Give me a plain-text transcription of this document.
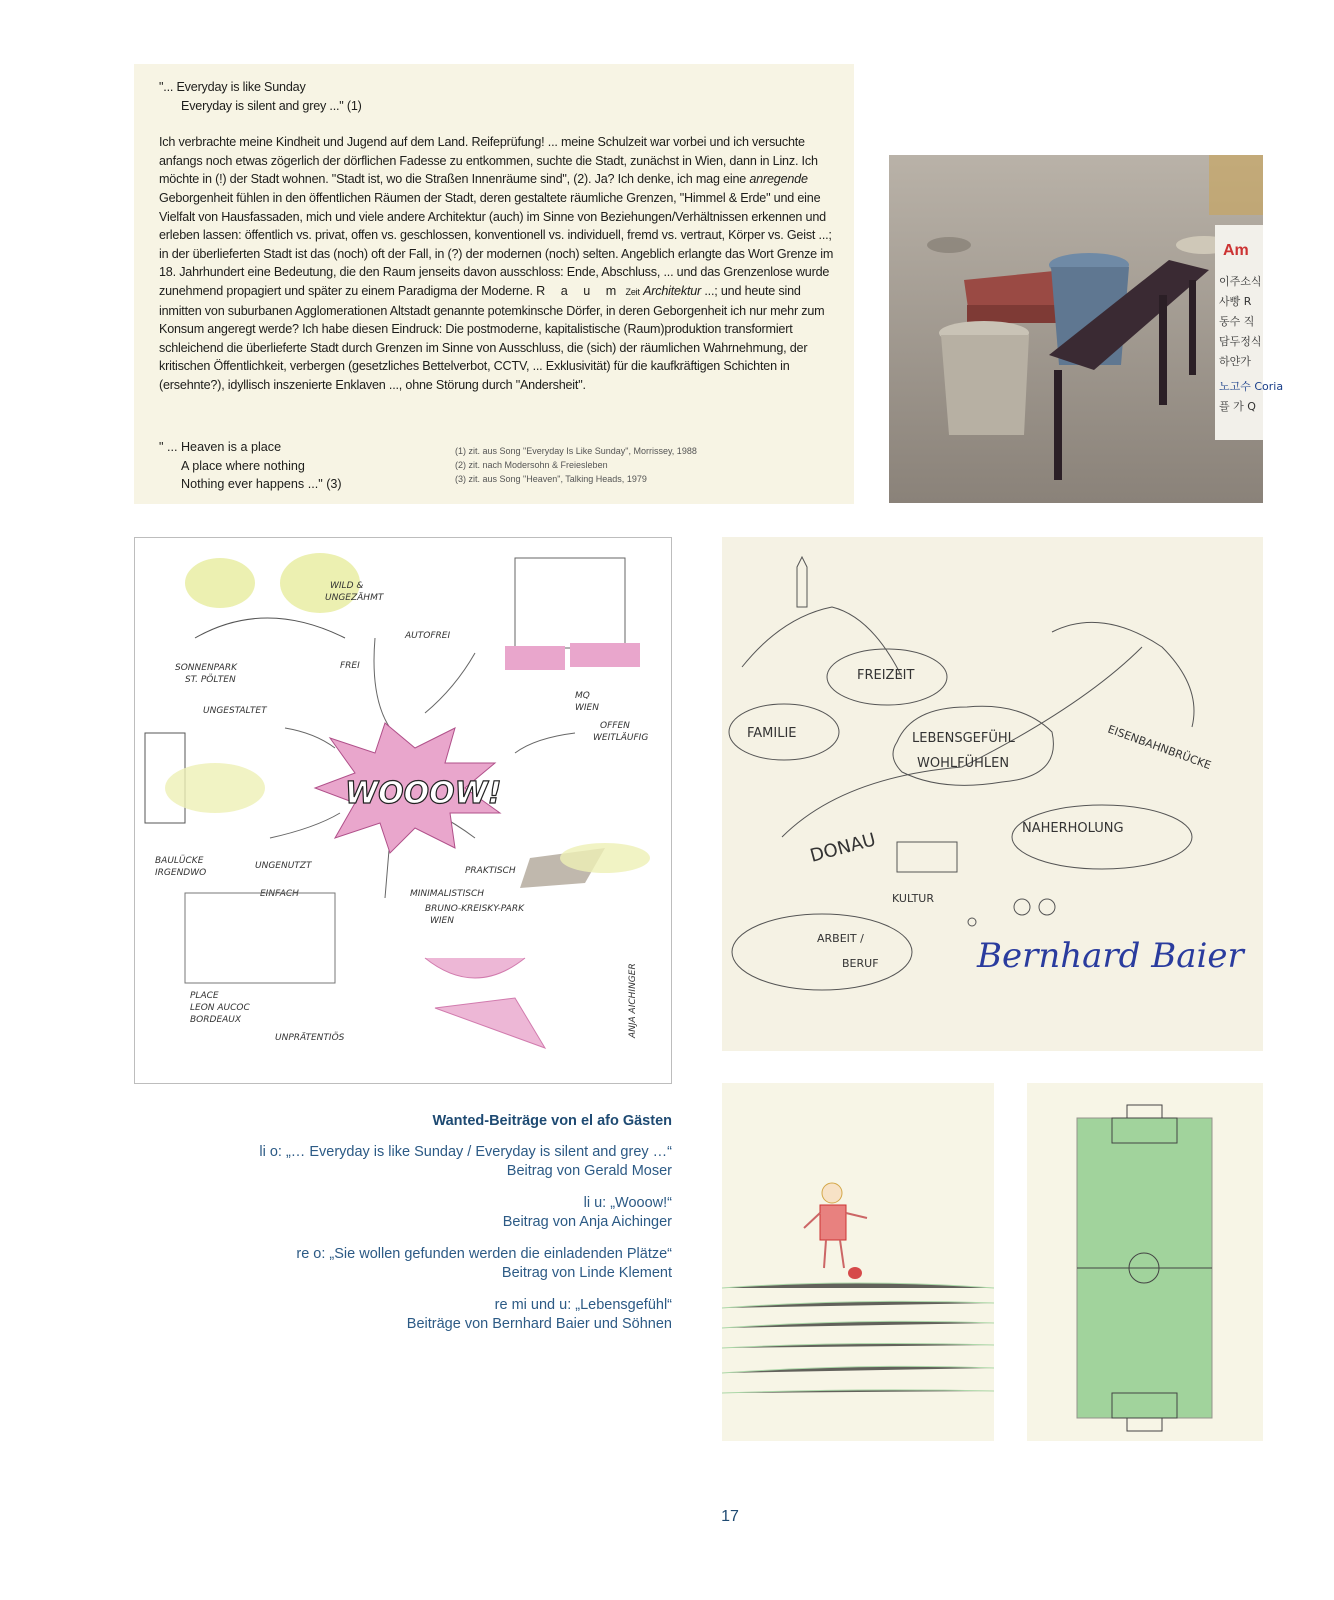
"... Everyday is like Sunday

Everyday is silent and grey ..." (1)

Ich verbrachte meine Kindheit und Jugend auf dem Land. Reifeprüfung! ... meine Schulzeit war vorbei und ich versuchte anfangs noch etwas zögerlich der dörflichen Fadesse zu entkommen, suchte die Stadt, zunächst in Wien, dann in Linz. Ich möchte in (!) der Stadt wohnen. "Stadt ist, wo die Straßen Innenräume sind", (2). Ja? Ich denke, ich mag eine anregende Geborgenheit fühlen in den öffentlichen Räumen der Stadt, deren gestaltete räumliche Grenzen, "Himmel & Erde" und eine Vielfalt von Hausfassaden, mich und viele andere Architektur (auch) im Sinne von Beziehungen/Verhältnissen erkennen und erleben lassen: öffentlich vs. privat, offen vs. geschlossen, konventionell vs. individuell, fremd vs. vertraut, Körper vs. Geist ...; in der überlieferten Stadt ist das (noch) oft der Fall, in (?) der modernen (noch) selten. Angeblich erlangte das Wort Grenze im 18. Jahrhundert eine Bedeutung, die den Raum jenseits davon ausschloss: Ende, Abschluss, ... und das Grenzenlose wurde zunehmend propagiert und später zu einem Paradigma der Moderne. R a u m Zeit Architektur ...; und heute sind inmitten von suburbanen Agglomerationen Altstadt genannte potemkinsche Dörfer, in deren Geborgenheit ich nur mehr zum Konsum angeregt werde? Ich habe diesen Eindruck: Die postmoderne, kapitalistische (Raum)produktion transformiert schleichend die überlieferte Stadt durch Grenzen im Sinne von Ausschluss, die (sich) der räumlichen Wahrnehmung, der kritischen Öffentlichkeit, verbergen (gesetzliches Bettelverbot, CCTV, ... Exklusivität) für die kaufkräftigen Schichten in (ersehnte?), idyllisch inszenierte Enklaven ..., ohne Störung durch "Andersheit".

" ... Heaven is a place
A place where nothing
Nothing ever happens ..." (3)
(1) zit. aus Song "Everyday Is Like Sunday", Morrissey, 1988
(2) zit. nach Modersohn & Freiesleben
(3) zit. aus Song "Heaven", Talking Heads, 1979
Am
이주소식
사빵 R
동수 직
담두정식
하얀가
노고수 Coria
플 가 Q
WILD &
UNGEZÄHMT
SONNENPARK
ST. PÖLTEN
AUTOFREI
FREI
MQ
WIEN
UNGESTALTET
OFFEN
WEITLÄUFIG
BAULÜCKE
IRGENDWO
UNGENUTZT
EINFACH
PRAKTISCH
MINIMALISTISCH
BRUNO-KREISKY-PARK
WIEN
PLACE
LEON AUCOC
BORDEAUX
UNPRÄTENTIÖS	ANJA AICHINGER
WOOOW!
FREIZEIT
FAMILIE	LEBENSGEFÜHL
WOHLFÜHLEN	EISENBAHNBRÜCKE
DONAU
NAHERHOLUNG
KULTUR
ARBEIT /
BERUF	Bernhard Baier
Wanted-Beiträge von el afo Gästen
li o: „… Everyday is like Sunday / Everyday is silent and grey …“
Beitrag von Gerald Moser
li u: „Wooow!“
Beitrag von Anja Aichinger
re o: „Sie wollen gefunden werden die einladenden Plätze“
Beitrag von Linde Klement
re mi und u: „Lebensgefühl“
Beiträge von Bernhard Baier und Söhnen
17
